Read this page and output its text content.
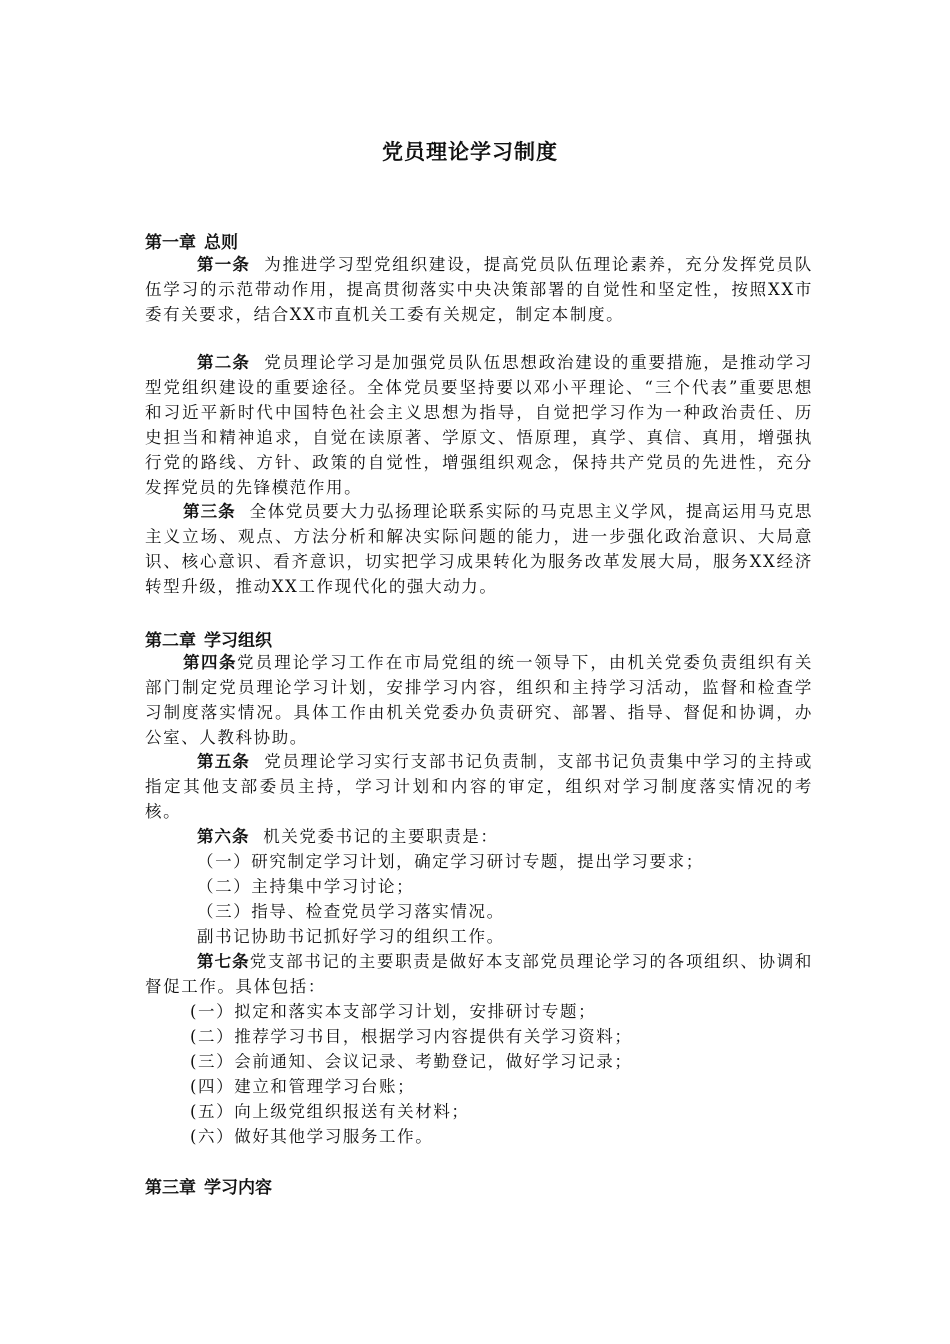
党员理论学习制度
第一章 总则

第一条 为推进学习型党组织建设，提高党员队伍理论素养，充分发挥党员队伍学习的示范带动作用，提高贯彻落实中央决策部署的自觉性和坚定性，按照XX市委有关要求，结合XX市直机关工委有关规定，制定本制度。

第二条 党员理论学习是加强党员队伍思想政治建设的重要措施，是推动学习型党组织建设的重要途径。全体党员要坚持要以邓小平理论、“三个代表”重要思想和习近平新时代中国特色社会主义思想为指导，自觉把学习作为一种政治责任、历史担当和精神追求，自觉在读原著、学原文、悟原理，真学、真信、真用，增强执行党的路线、方针、政策的自觉性，增强组织观念，保持共产党员的先进性，充分发挥党员的先锋模范作用。

第三条 全体党员要大力弘扬理论联系实际的马克思主义学风，提高运用马克思主义立场、观点、方法分析和解决实际问题的能力，进一步强化政治意识、大局意识、核心意识、看齐意识，切实把学习成果转化为服务改革发展大局，服务XX经济转型升级，推动XX工作现代化的强大动力。

第二章 学习组织

第四条党员理论学习工作在市局党组的统一领导下，由机关党委负责组织有关部门制定党员理论学习计划，安排学习内容，组织和主持学习活动，监督和检查学习制度落实情况。具体工作由机关党委办负责研究、部署、指导、督促和协调，办公室、人教科协助。

第五条 党员理论学习实行支部书记负责制，支部书记负责集中学习的主持或指定其他支部委员主持，学习计划和内容的审定，组织对学习制度落实情况的考核。

第六条 机关党委书记的主要职责是：

（一）研究制定学习计划，确定学习研讨专题，提出学习要求；

（二）主持集中学习讨论；

（三）指导、检查党员学习落实情况。

副书记协助书记抓好学习的组织工作。

第七条党支部书记的主要职责是做好本支部党员理论学习的各项组织、协调和督促工作。具体包括：

(一）拟定和落实本支部学习计划，安排研讨专题；

(二）推荐学习书目，根据学习内容提供有关学习资料；

(三）会前通知、会议记录、考勤登记，做好学习记录；

(四）建立和管理学习台账；

(五）向上级党组织报送有关材料；

(六）做好其他学习服务工作。

第三章 学习内容
